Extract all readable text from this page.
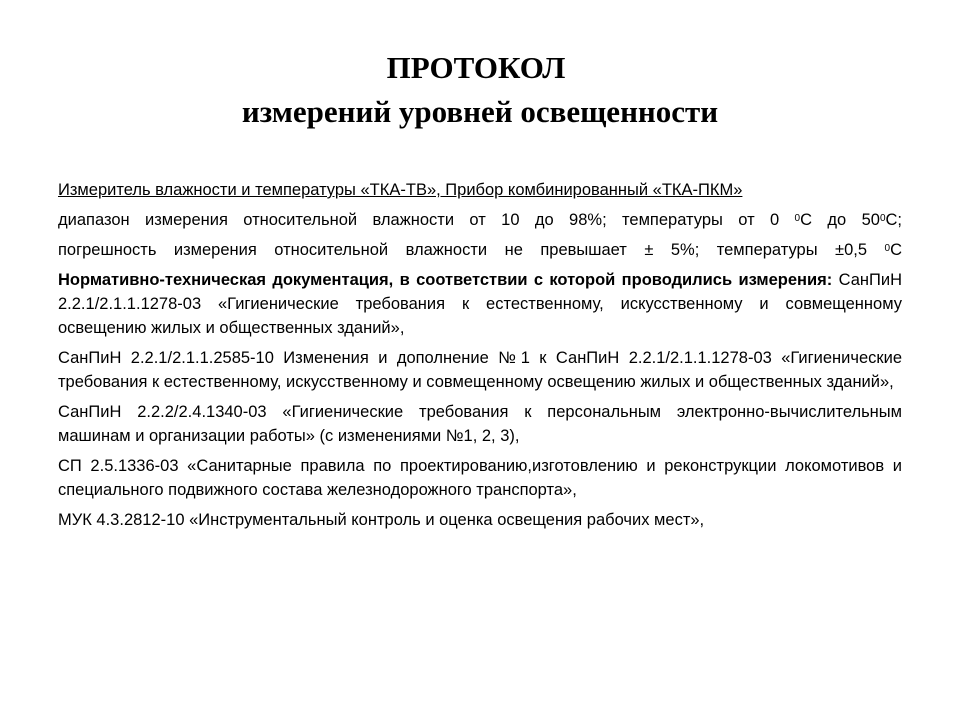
ПРОТОКОЛ
измерений уровней освещенности

Измеритель влажности и температуры «ТКА-ТВ», Прибор комбинированный «ТКА-ПКМ»

диапазон измерения относительной влажности от 10 до 98%; температуры от 0 $^0$С до $50^0С$;

погрешность измерения относительной влажности не превышает ± 5%; температуры ±0,5 $^0$С

Нормативно-техническая документация, в соответствии с которой проводились измерения: СанПиН 2.2.1/2.1.1.1278-03 «Гигиенические требования к естественному, искусственному и совмещенному освещению жилых и общественных зданий»,

СанПиН 2.2.1/2.1.1.2585-10 Изменения и дополнение №1 к СанПиН 2.2.1/2.1.1.1278-03 «Гигиенические требования к естественному, искусственному и совмещенному освещению жилых и общественных зданий»,

СанПиН 2.2.2/2.4.1340-03 «Гигиенические требования к персональным электронно-вычислительным машинам и организации работы» (с изменениями №1, 2, 3),

СП 2.5.1336-03 «Санитарные правила по проектированию,изготовлению и реконструкции локомотивов и специального подвижного состава железнодорожного транспорта»,

МУК 4.3.2812-10 «Инструментальный контроль и оценка освещения рабочих мест»,
